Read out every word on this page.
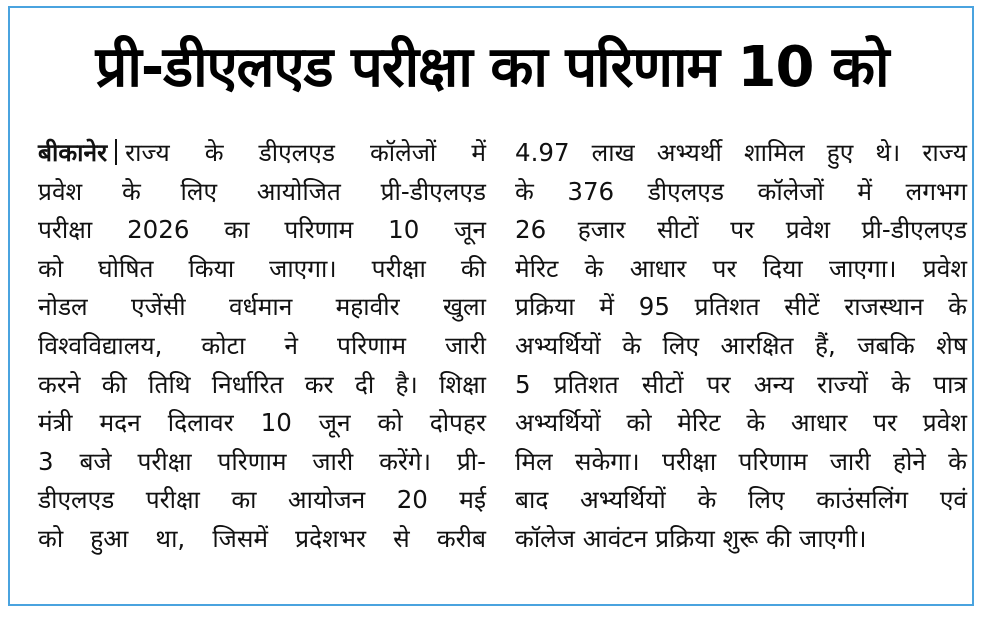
प्री-डीएलएड परीक्षा का परिणाम 10 को
बीकानेर राज्य के डीएलएड कॉलेजों में
प्रवेश के लिए आयोजित प्री-डीएलएड
परीक्षा 2026 का परिणाम 10 जून
को घोषित किया जाएगा। परीक्षा की
नोडल एजेंसी वर्धमान महावीर खुला
विश्वविद्यालय, कोटा ने परिणाम जारी
करने की तिथि निर्धारित कर दी है। शिक्षा
मंत्री मदन दिलावर 10 जून को दोपहर
3 बजे परीक्षा परिणाम जारी करेंगे। प्री-
डीएलएड परीक्षा का आयोजन 20 मई
को हुआ था, जिसमें प्रदेशभर से करीब
4.97 लाख अभ्यर्थी शामिल हुए थे। राज्य
के 376 डीएलएड कॉलेजों में लगभग
26 हजार सीटों पर प्रवेश प्री-डीएलएड
मेरिट के आधार पर दिया जाएगा। प्रवेश
प्रक्रिया में 95 प्रतिशत सीटें राजस्थान के
अभ्यर्थियों के लिए आरक्षित हैं, जबकि शेष
5 प्रतिशत सीटों पर अन्य राज्यों के पात्र
अभ्यर्थियों को मेरिट के आधार पर प्रवेश
मिल सकेगा। परीक्षा परिणाम जारी होने के
बाद अभ्यर्थियों के लिए काउंसलिंग एवं
कॉलेज आवंटन प्रक्रिया शुरू की जाएगी।
